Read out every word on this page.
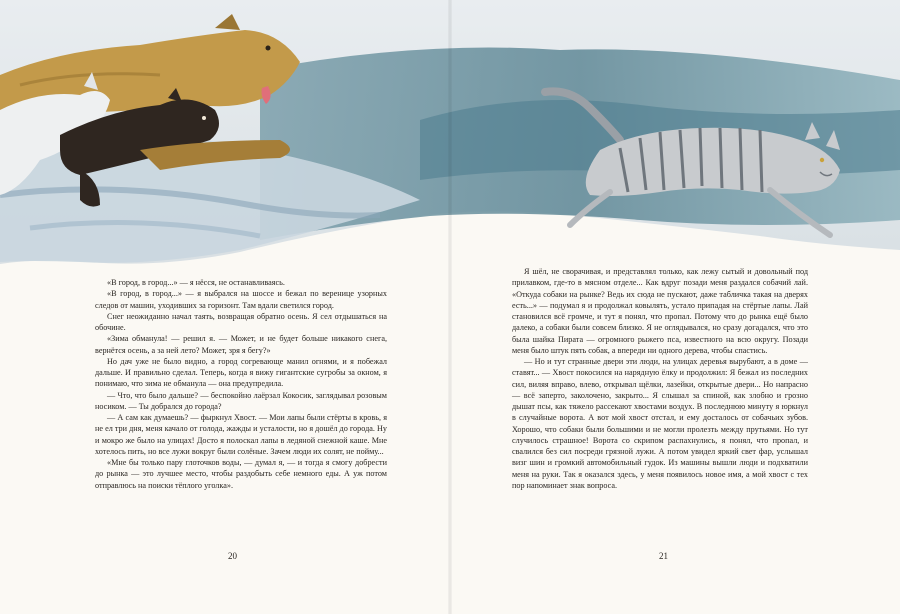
«В город, в город...» — я нёсся, не останавливаясь.

«В город, в город...» — я выбрался на шоссе и бежал по веренице узорных следов от машин, уходивших за горизонт. Там вдали светился город.

Снег неожиданно начал таять, возвращая обратно осень. Я сел отдышаться на обочине.

«Зима обманула! — решил я. — Может, и не будет больше никакого снега, вернётся осень, а за ней лето? Может, зря я бегу?»

Но дач уже не было видно, а город согревающе манил огнями, и я побежал дальше. И правильно сделал. Теперь, когда я вижу гигантские сугробы за окном, я понимаю, что зима не обманула — она предупредила.

— Что, что было дальше? — беспокойно лаёрзал Кокосик, заглядывал розовым носиком. — Ты добрался до города?

— А сам как думаешь? — фыркнул Хвост. — Мои лапы были стёрты в кровь, я не ел три дня, меня качало от голода, жажды и усталости, но я дошёл до города. Ну и мокро же было на улицах! Досто я полоскал лапы в ледяной снежной каше. Мне хотелось пить, но все лужи вокруг были солёные. Зачем люди их солят, не пойму...

«Мне бы только пару глоточков воды, — думал я, — и тогда я смогу добрести до рынка — это лучшее место, чтобы раздобыть себе немного еды. А уж потом отправлюсь на поиски тёплого уголка».

Я шёл, не сворачивая, и представлял только, как лежу сытый и довольный под прилавком, где-то в мясном отделе... Как вдруг позади меня раздался собачий лай. «Откуда собаки на рынке? Ведь их сюда не пускают, даже табличка такая на дверях есть...» — подумал я и продолжал ковылять, устало припадая на стёртые лапы. Лай становился всё громче, и тут я понял, что пропал. Потому что до рынка ещё было далеко, а собаки были совсем близко. Я не оглядывался, но сразу догадался, что это была шайка Пирата — огромного рыжего пса, известного на всю округу. Позади меня было штук пять собак, а впереди ни одного дерева, чтобы спастись.

— Но и тут странные двери эти люди, на улицах деревья вырубают, а в доме — ставят... — Хвост покосился на нарядную ёлку и продолжил: Я бежал из последних сил, виляя вправо, влево, открывал щёлки, лазейки, открытые двери... Но напрасно — всё заперто, заколочено, закрыто... Я слышал за спиной, как злобно и грозно дышат псы, как тяжело рассекают хвостами воздух. В последнюю минуту я юркнул в случайные ворота. А вот мой хвост отстал, и ему досталось от собачьих зубов. Хорошо, что собаки были большими и не могли пролезть между прутьями. Но тут случилось страшное! Ворота со скрипом распахнулись, я понял, что пропал, и свалился без сил посреди грязной лужи. А потом увидел яркий свет фар, услышал визг шин и громкий автомобильный гудок. Из машины вышли люди и подхватили меня на руки. Так я оказался здесь, у меня появилось новое имя, а мой хвост с тех пор напоминает знак вопроса.

20	21
